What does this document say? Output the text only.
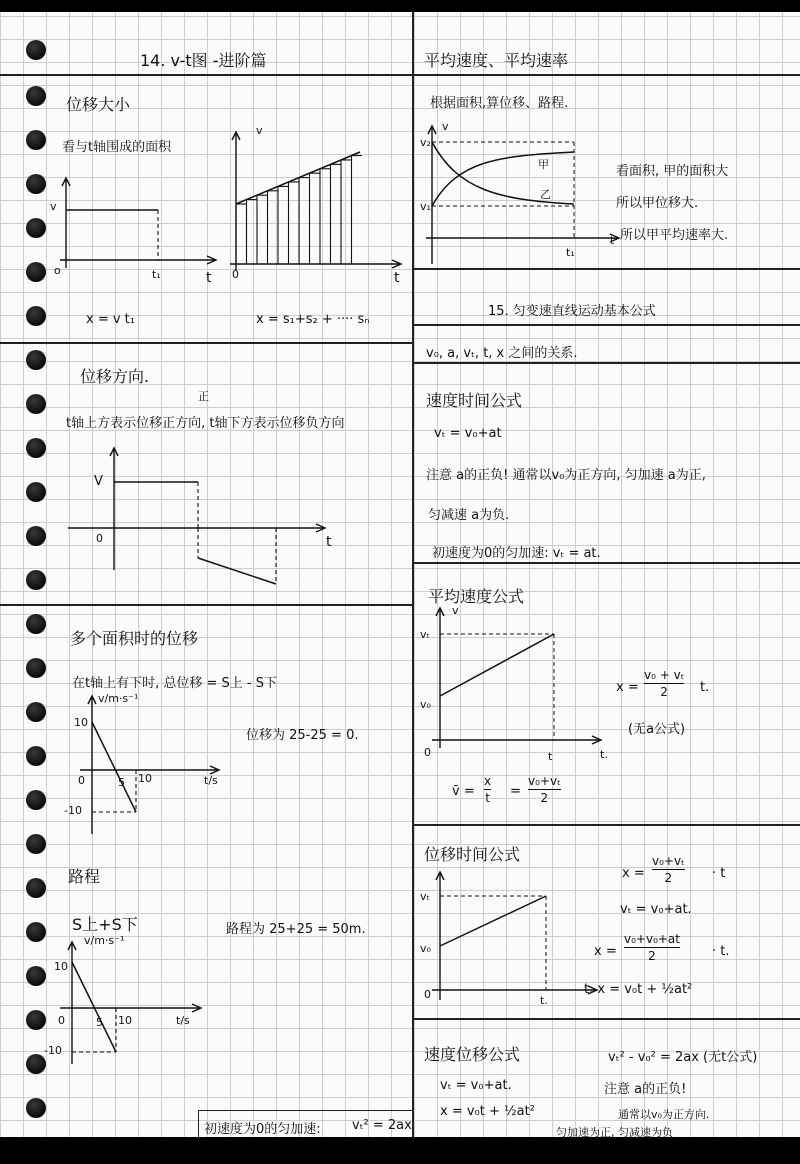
14. v-t图 -进阶篇
位移大小
看与t轴围成的面积
v
o	t₁	t
v
0	t
x = v t₁	x = s₁+s₂ + ···· sₙ
位移方向.
正
t轴上方表示位移正方向, t轴下方表示位移负方向
V
0	t
多个面积时的位移
在t轴上有下时, 总位移 = S上 - S下
v/m·s⁻¹
10
0	5 10	t/s
-10
位移为 25-25 = 0.
路程
S上+S下
v/m·s⁻¹
10
0	5 10	t/s
-10
路程为 25+25 = 50m.
初速度为0的匀加速: vₜ² = 2ax
平均速度、平均速率
根据面积,算位移、路程.
v
v₂
v₁
甲
乙
t₁
t
看面积, 甲的面积大
所以甲位移大.
所以甲平均速率大.
15. 匀变速直线运动基本公式
v₀, a, vₜ, t, x 之间的关系.
速度时间公式
vₜ = v₀+at
注意 a的正负! 通常以v₀为正方向, 匀加速 a为正,
匀减速 a为负.
初速度为0的匀加速: vₜ = at.
平均速度公式
v
vₜ
v₀
0	t	t.
x =
v₀ + vₜ
2 t.
(无a公式)
v̄ =
x
t =
v₀+vₜ
2
位移时间公式
vₜ
v₀
0	t.
x =
v₀+vₜ
2	· t
vₜ = v₀+at.
x =
v₀+v₀+at
2	· t.
t. x = v₀t + ½at²
速度位移公式	vₜ² - v₀² = 2ax (无t公式)
vₜ = v₀+at.
x = v₀t + ½at²
注意 a的正负!
通常以v₀为正方向.
匀加速为正, 匀减速为负
